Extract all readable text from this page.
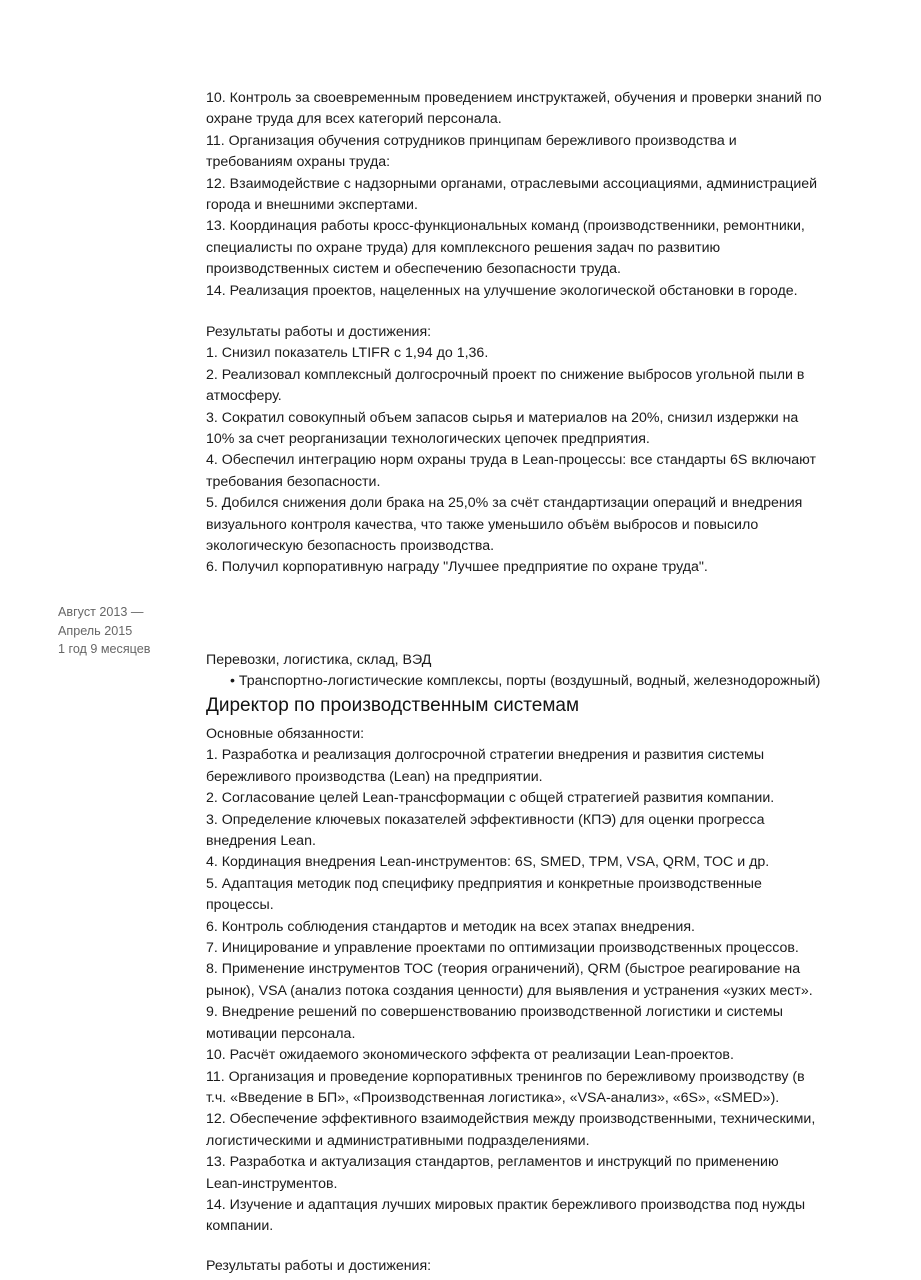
10. Контроль за своевременным проведением инструктажей, обучения и проверки знаний по
охране труда для всех категорий персонала.
11. Организация обучения сотрудников принципам бережливого производства и
требованиям охраны труда:
12. Взаимодействие с надзорными органами, отраслевыми ассоциациями, администрацией
города и внешними экспертами.
13. Координация работы кросс-функциональных команд (производственники, ремонтники,
специалисты по охране труда) для комплексного решения задач по развитию
производственных систем и обеспечению безопасности труда.
14. Реализация проектов, нацеленных на улучшение экологической обстановки в городе.
Результаты работы и достижения:
1. Снизил показатель LTIFR с 1,94 до 1,36.
2. Реализовал комплексный долгосрочный проект по снижение выбросов угольной пыли в
атмосферу.
3. Сократил совокупный объем запасов сырья и материалов на 20%, снизил издержки на
10% за счет реорганизации технологических цепочек предприятия.
4. Обеспечил интеграцию норм охраны труда в Lean-процессы: все стандарты 6S включают
требования безопасности.
5. Добился снижения доли брака на 25,0% за счёт стандартизации операций и внедрения
визуального контроля качества, что также уменьшило объём выбросов и повысило
экологическую безопасность производства.
6. Получил корпоративную награду "Лучшее предприятие по охране труда".
Август 2013 —
Апрель 2015
1 год 9 месяцев
Перевозки, логистика, склад, ВЭД
• Транспортно-логистические комплексы, порты (воздушный, водный, железнодорожный)
Директор по производственным системам
Основные обязанности:
1. Разработка и реализация долгосрочной стратегии внедрения и развития системы
бережливого производства (Lean) на предприятии.
2. Согласование целей Lean-трансформации с общей стратегией развития компании.
3. Определение ключевых показателей эффективности (КПЭ) для оценки прогресса
внедрения Lean.
4. Кординация внедрения Lean-инструментов: 6S, SMED, TPM, VSA, QRM, TOC и др.
5. Адаптация методик под специфику предприятия и конкретные производственные
процессы.
6. Контроль соблюдения стандартов и методик на всех этапах внедрения.
7. Иницирование и управление проектами по оптимизации производственных процессов.
8. Применение инструментов ТОС (теория ограничений), QRM (быстрое реагирование на
рынок), VSA (анализ потока создания ценности) для выявления и устранения «узких мест».
9. Внедрение решений по совершенствованию производственной логистики и системы
мотивации персонала.
10. Расчёт ожидаемого экономического эффекта от реализации Lean-проектов.
11. Организация и проведение корпоративных тренингов по бережливому производству (в
т.ч. «Введение в БП», «Производственная логистика», «VSA-анализ», «6S», «SMED»).
12. Обеспечение эффективного взаимодействия между производственными, техническими,
логистическими и административными подразделениями.
13. Разработка и актуализация стандартов, регламентов и инструкций по применению
Lean-инструментов.
14. Изучение и адаптация лучших мировых практик бережливого производства под нужды
компании.
Результаты работы и достижения:
